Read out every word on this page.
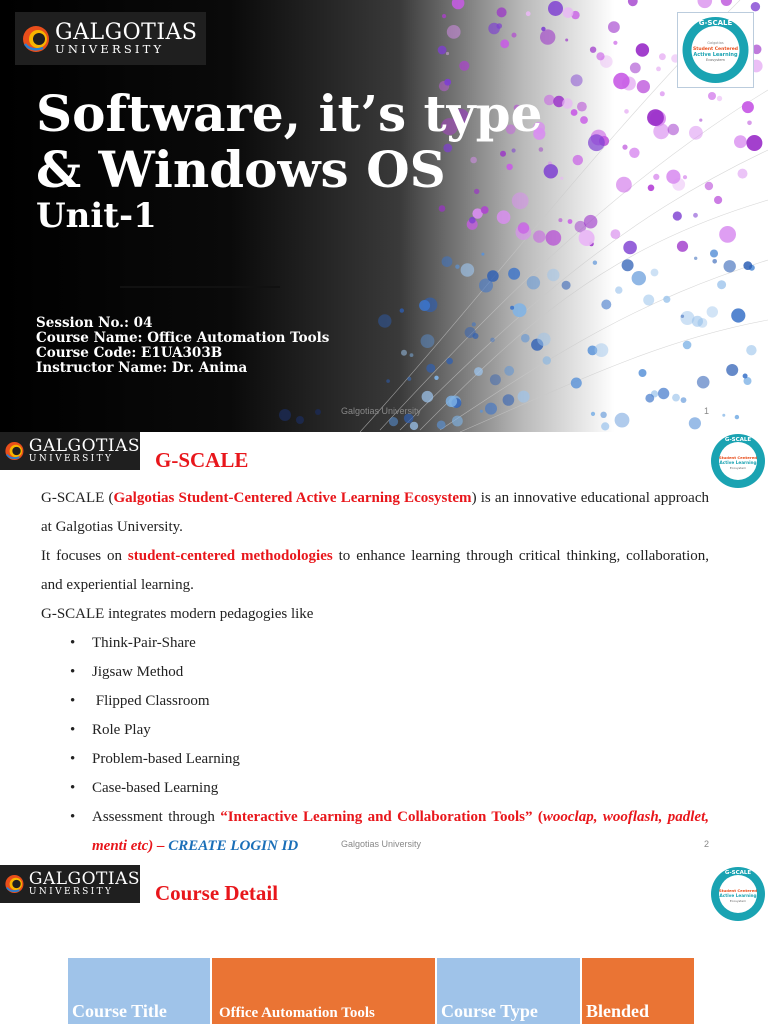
GALGOTIAS
UNIVERSITY
G-SCALE
Galgotias
Student Centered
Active Learning
Ecosystem
Software, it’s type
& Windows OS
Unit-1
Session No.: 04
Course Name: Office Automation Tools
Course Code: E1UA303B
Instructor Name: Dr. Anima
Galgotias University	1
GALGOTIAS
UNIVERSITY	G-SCALE
G-SCALE
Student Centered
Active Learning
Ecosystem

G-SCALE (Galgotias Student-Centered Active Learning Ecosystem) is an innovative educational approach at Galgotias University.

It focuses on student-centered methodologies to enhance learning through critical thinking, collaboration, and experiential learning.

G-SCALE integrates modern pedagogies like

• Think-Pair-Share
• Jigsaw Method
• Flipped Classroom
• Role Play
• Problem-based Learning
• Case-based Learning
• Assessment through “Interactive Learning and Collaboration Tools” (wooclap, wooflash, padlet, menti etc) – CREATE LOGIN ID	Galgotias University	2
GALGOTIAS
UNIVERSITY	Course Detail
G-SCALE
Student Centered
Active Learning
Ecosystem
Course Title	Office Automation Tools	Course Type	Blended
